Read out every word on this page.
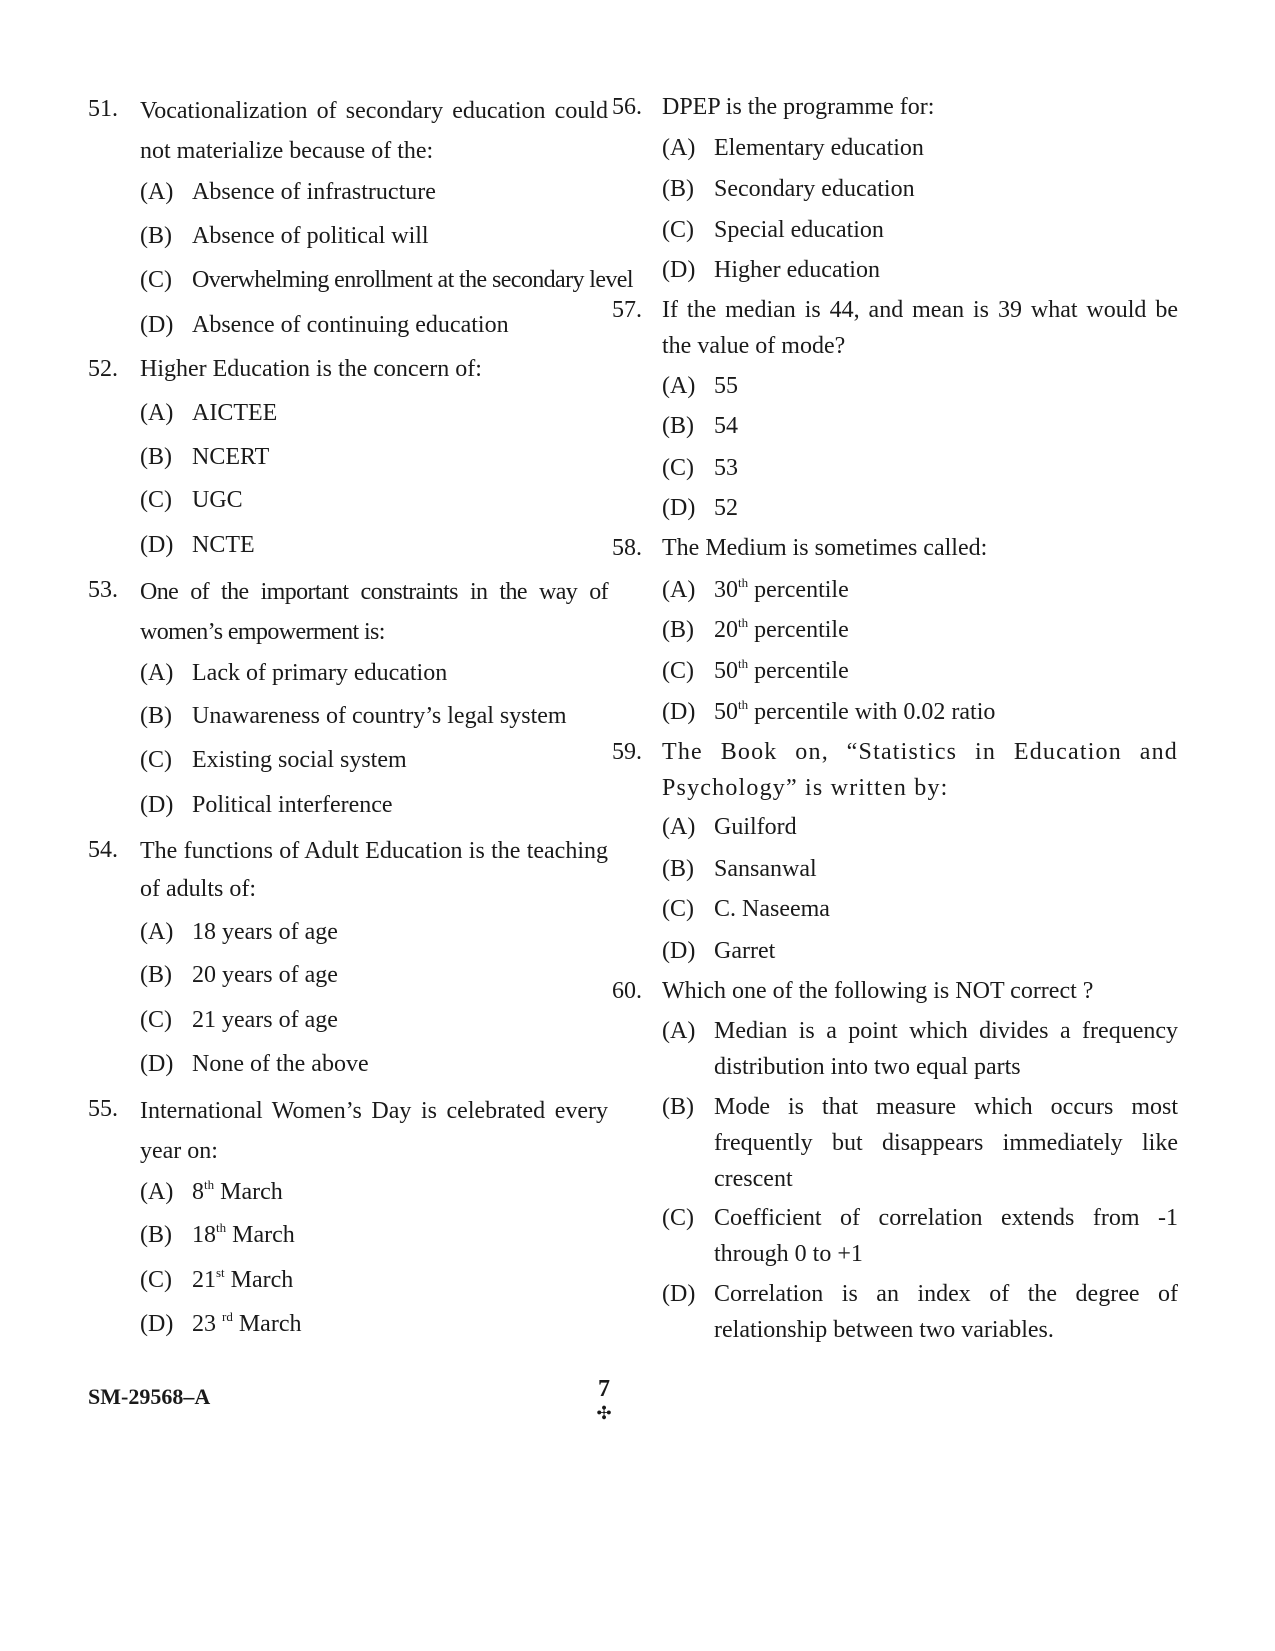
51. Vocationalization of secondary education could not materialize because of the:
(A) Absence of infrastructure
(B) Absence of political will
(C) Overwhelming enrollment at the secondary level
(D) Absence of continuing education
52. Higher Education is the concern of:
(A) AICTEE
(B) NCERT
(C) UGC
(D) NCTE
53. One of the important constraints in the way of women’s empowerment is:
(A) Lack of primary education
(B) Unawareness of country’s legal system
(C) Existing social system
(D) Political interference
54. The functions of Adult Education is the teaching of adults of:
(A) 18 years of age
(B) 20 years of age
(C) 21 years of age
(D) None of the above
55. International Women’s Day is celebrated every year on:
(A) 8th March
(B) 18th March
(C) 21st March
(D) 23 $^{rd}$ March
56. DPEP is the programme for:
(A) Elementary education
(B) Secondary education
(C) Special education
(D) Higher education
57. If the median is 44, and mean is 39 what would be the value of mode?
(A) 55
(B) 54
(C) 53
(D) 52
58. The Medium is sometimes called:
(A) 30th percentile
(B) 20th percentile
(C) 50th percentile
(D) 50th percentile with 0.02 ratio
59. The Book on, “Statistics in Education and Psychology” is written by:
(A) Guilford
(B) Sansanwal
(C) C. Naseema
(D) Garret
60. Which one of the following is NOT correct ?
(A) Median is a point which divides a frequency distribution into two equal parts
(B) Mode is that measure which occurs most frequently but disappears immediately like crescent
(C) Coefficient of correlation extends from -1 through 0 to +1
(D) Correlation is an index of the degree of relationship between two variables.
SM-29568–A	7
✣
